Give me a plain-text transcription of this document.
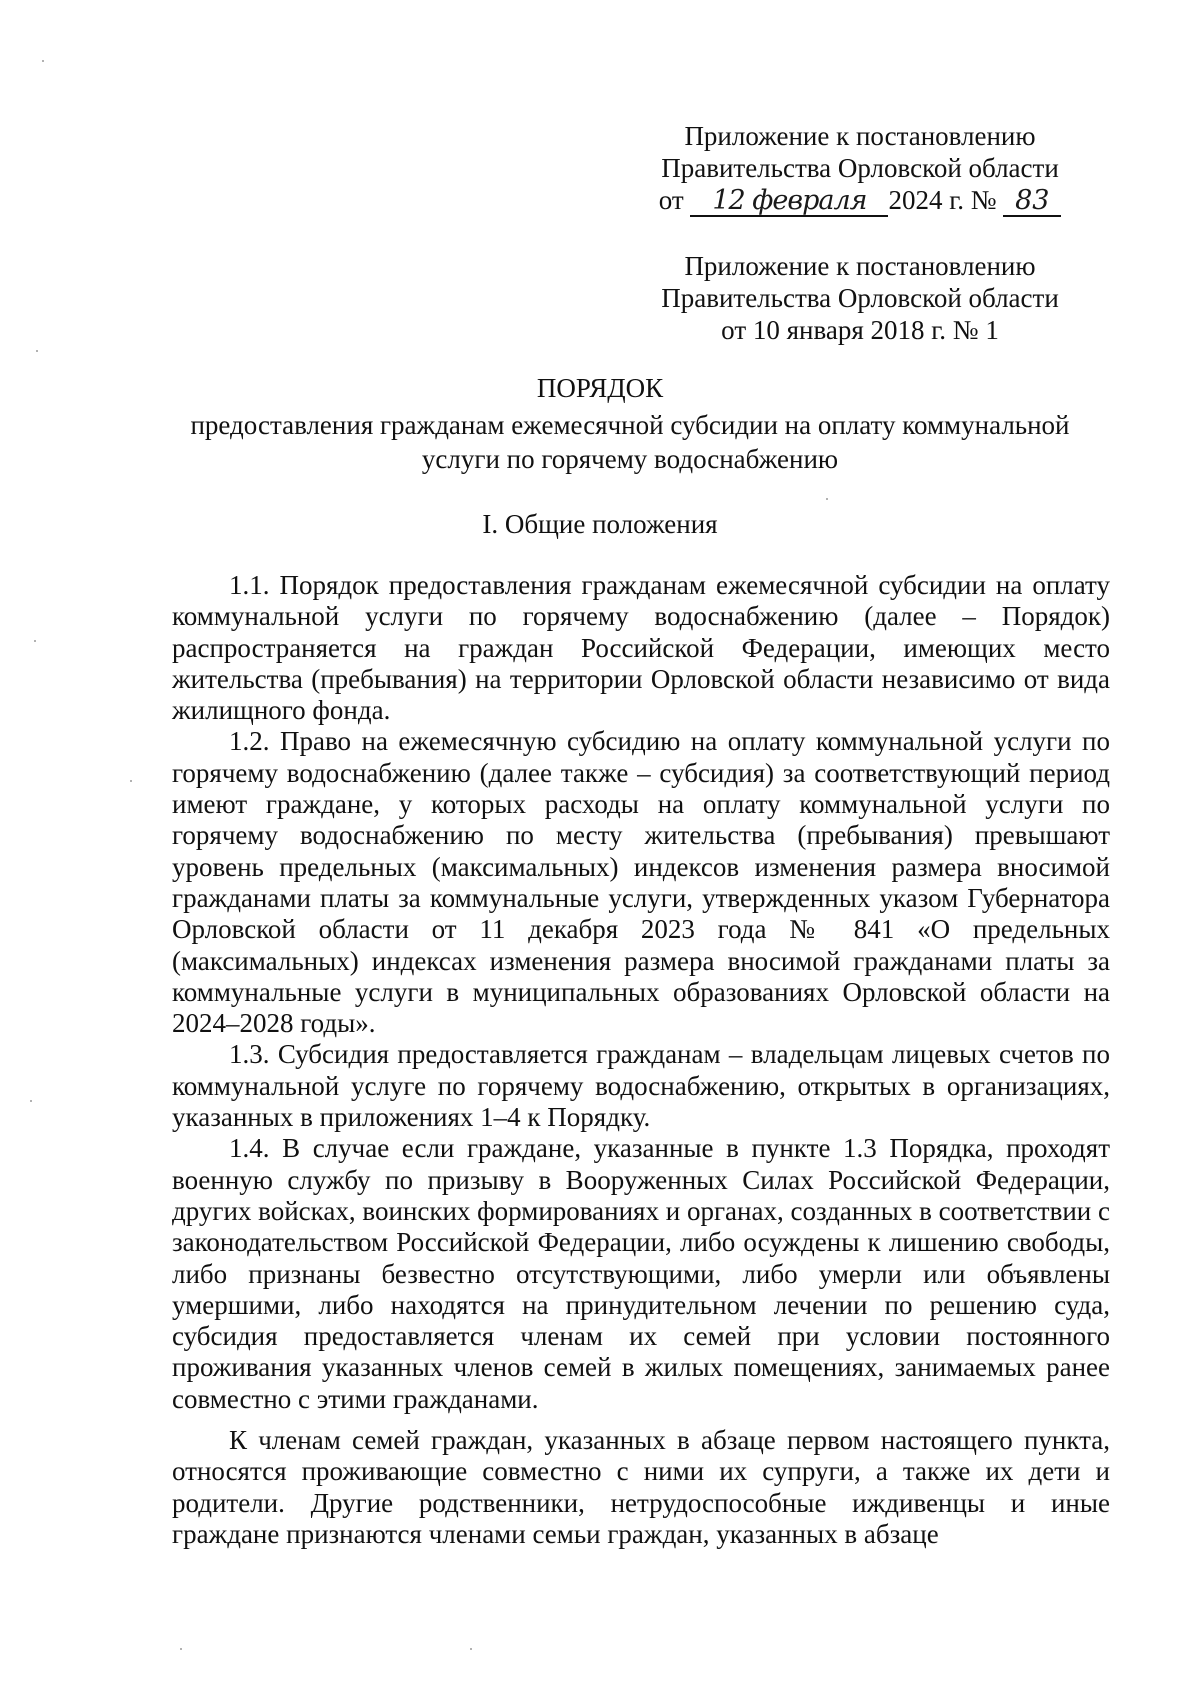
Приложение к постановлению
Правительства Орловской области
от 12 февраля 2024 г. № 83
Приложение к постановлению
Правительства Орловской области
от 10 января 2018 г. № 1
ПОРЯДОК
предоставления гражданам ежемесячной субсидии на оплату коммунальной услуги по горячему водоснабжению
I. Общие положения

1.1. Порядок предоставления гражданам ежемесячной субсидии на оплату коммунальной услуги по горячему водоснабжению (далее – Порядок) распространяется на граждан Российской Федерации, имеющих место жительства (пребывания) на территории Орловской области независимо от вида жилищного фонда.

1.2. Право на ежемесячную субсидию на оплату коммунальной услуги по горячему водоснабжению (далее также – субсидия) за соответствующий период имеют граждане, у которых расходы на оплату коммунальной услуги по горячему водоснабжению по месту жительства (пребывания) превышают уровень предельных (максимальных) индексов изменения размера вносимой гражданами платы за коммунальные услуги, утвержденных указом Губернатора Орловской области от 11 декабря 2023 года № 841 «О предельных (максимальных) индексах изменения размера вносимой гражданами платы за коммунальные услуги в муниципальных образованиях Орловской области на 2024–2028 годы».

1.3. Субсидия предоставляется гражданам – владельцам лицевых счетов по коммунальной услуге по горячему водоснабжению, открытых в организациях, указанных в приложениях 1–4 к Порядку.

1.4. В случае если граждане, указанные в пункте 1.3 Порядка, проходят военную службу по призыву в Вооруженных Силах Российской Федерации, других войсках, воинских формированиях и органах, созданных в соответствии с законодательством Российской Федерации, либо осуждены к лишению свободы, либо признаны безвестно отсутствующими, либо умерли или объявлены умершими, либо находятся на принудительном лечении по решению суда, субсидия предоставляется членам их семей при условии постоянного проживания указанных членов семей в жилых помещениях, занимаемых ранее совместно с этими гражданами.

К членам семей граждан, указанных в абзаце первом настоящего пункта, относятся проживающие совместно с ними их супруги, а также их дети и родители. Другие родственники, нетрудоспособные иждивенцы и иные граждане признаются членами семьи граждан, указанных в абзаце
